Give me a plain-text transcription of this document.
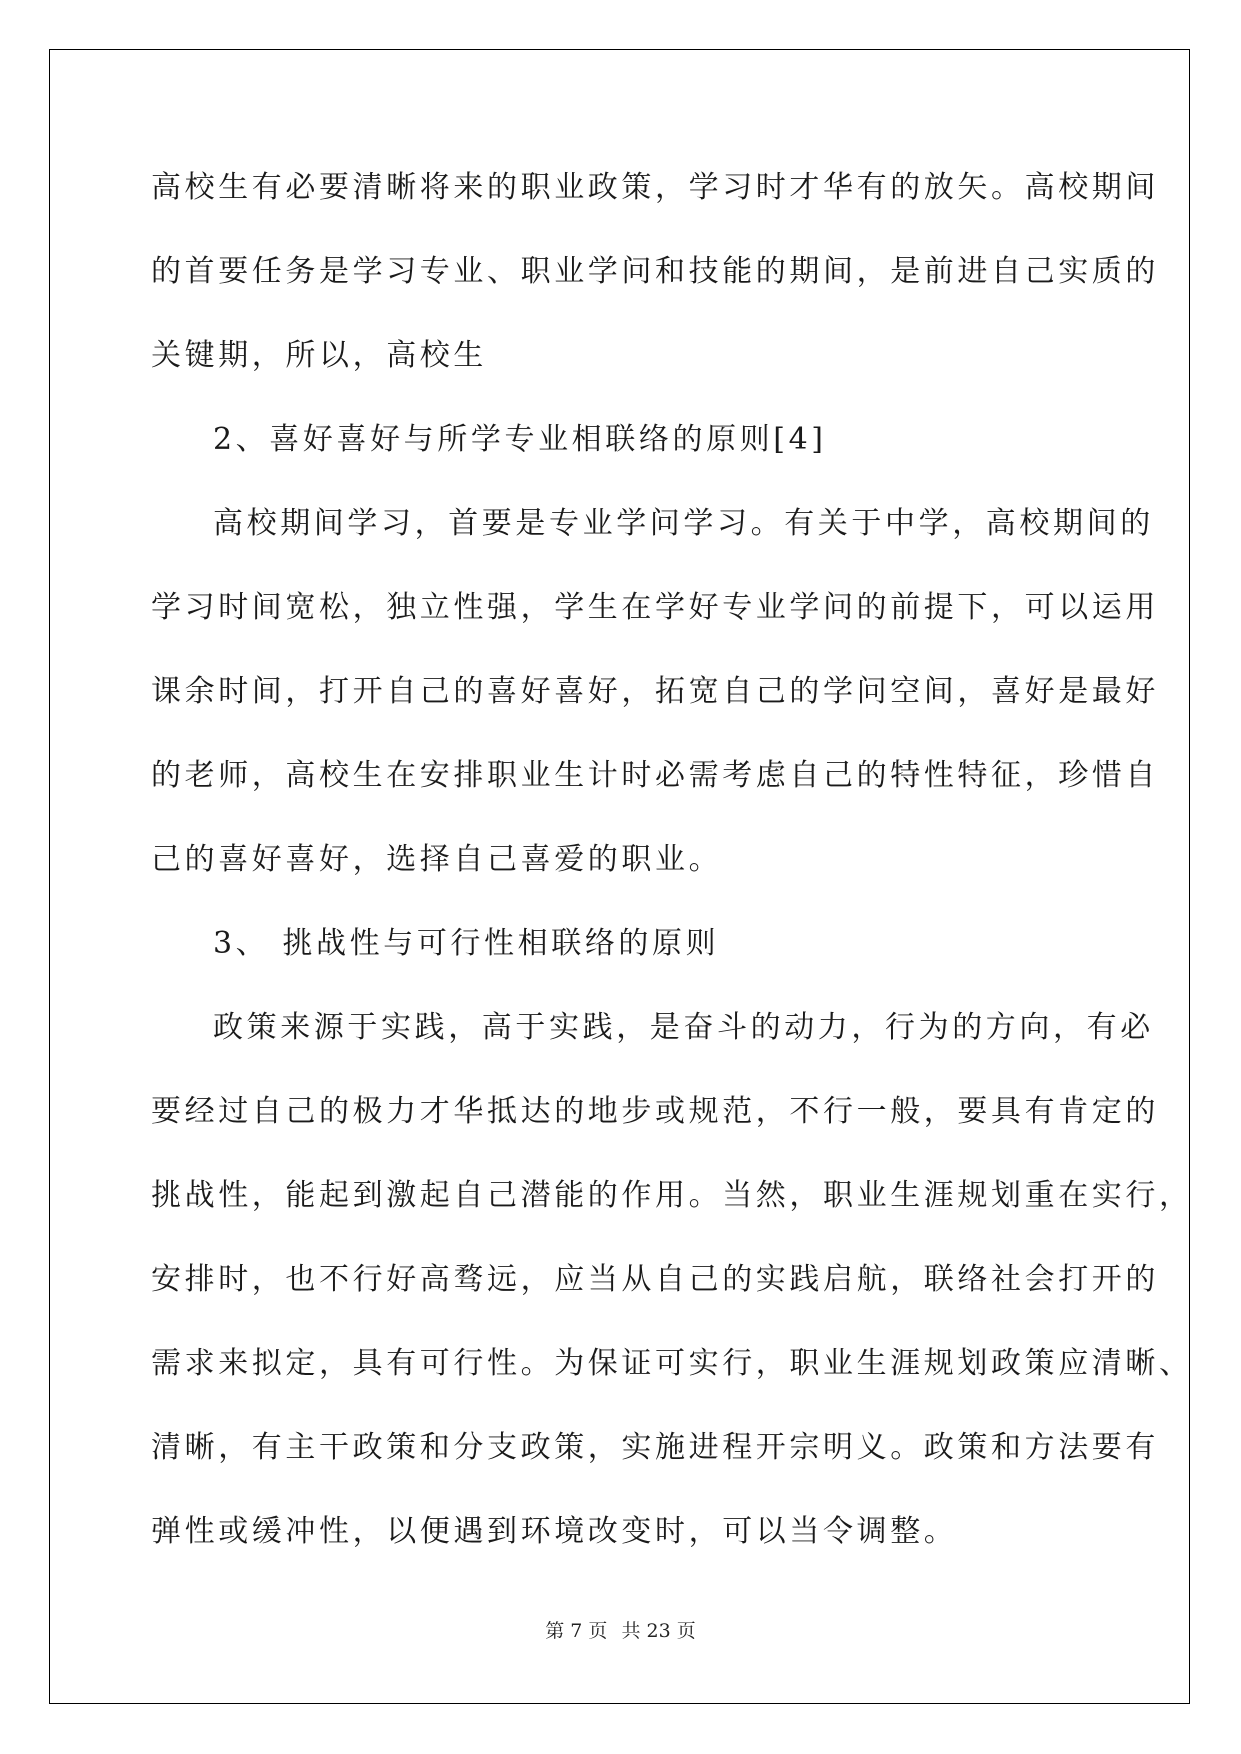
高校生有必要清晰将来的职业政策，学习时才华有的放矢。高校期间
的首要任务是学习专业、职业学问和技能的期间，是前进自己实质的
关键期，所以，高校生
2、喜好喜好与所学专业相联络的原则[4]
高校期间学习，首要是专业学问学习。有关于中学，高校期间的
学习时间宽松，独立性强，学生在学好专业学问的前提下，可以运用
课余时间，打开自己的喜好喜好，拓宽自己的学问空间，喜好是最好
的老师，高校生在安排职业生计时必需考虑自己的特性特征，珍惜自
己的喜好喜好，选择自己喜爱的职业。
3、 挑战性与可行性相联络的原则
政策来源于实践，高于实践，是奋斗的动力，行为的方向，有必
要经过自己的极力才华抵达的地步或规范，不行一般，要具有肯定的
挑战性，能起到激起自己潜能的作用。当然，职业生涯规划重在实行，
安排时，也不行好高骛远，应当从自己的实践启航，联络社会打开的
需求来拟定，具有可行性。为保证可实行，职业生涯规划政策应清晰、
清晰，有主干政策和分支政策，实施进程开宗明义。政策和方法要有
弹性或缓冲性，以便遇到环境改变时，可以当令调整。
第 7 页 共 23 页
